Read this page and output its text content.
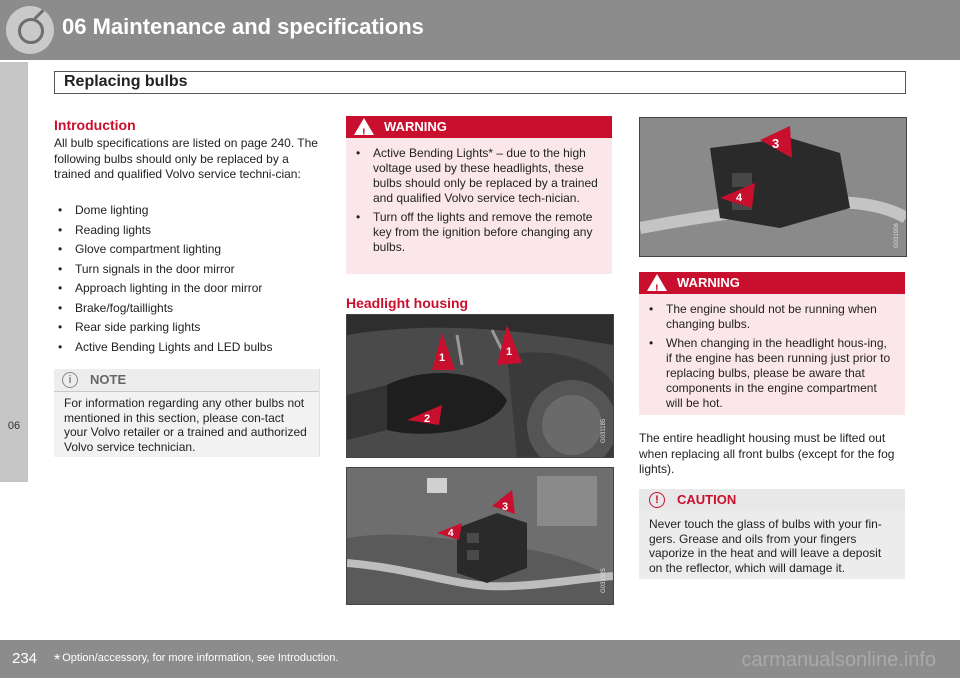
06 Maintenance and specifications
Replacing bulbs
06
Introduction
All bulb specifications are listed on page 240. The following bulbs should only be replaced by a trained and qualified Volvo service techni-cian:
• Dome lighting
• Reading lights
• Glove compartment lighting
• Turn signals in the door mirror
• Approach lighting in the door mirror
• Brake/fog/taillights
• Rear side parking lights
• Active Bending Lights and LED bulbs
i	NOTE
For information regarding any other bulbs not mentioned in this section, please con-tact your Volvo retailer or a trained and authorized Volvo service technician.
!
WARNING
• Active Bending Lights* – due to the high voltage used by these headlights, these bulbs should only be replaced by a trained and qualified Volvo service tech-nician.
• Turn off the lights and remove the remote key from the ignition before changing any bulbs.
Headlight housing
1	1
2	G031185
3
4
G031325
3
4
G031906
!
WARNING
• The engine should not be running when changing bulbs.
• When changing in the headlight hous-ing, if the engine has been running just prior to replacing bulbs, please be aware that components in the engine compartment will be hot.
The entire headlight housing must be lifted out when replacing all front bulbs (except for the fog lights).
!	CAUTION
Never touch the glass of bulbs with your fin-gers. Grease and oils from your fingers vaporize in the heat and will leave a deposit on the reflector, which will damage it.
234 * Option/accessory, for more information, see Introduction.	carmanualsonline.info
